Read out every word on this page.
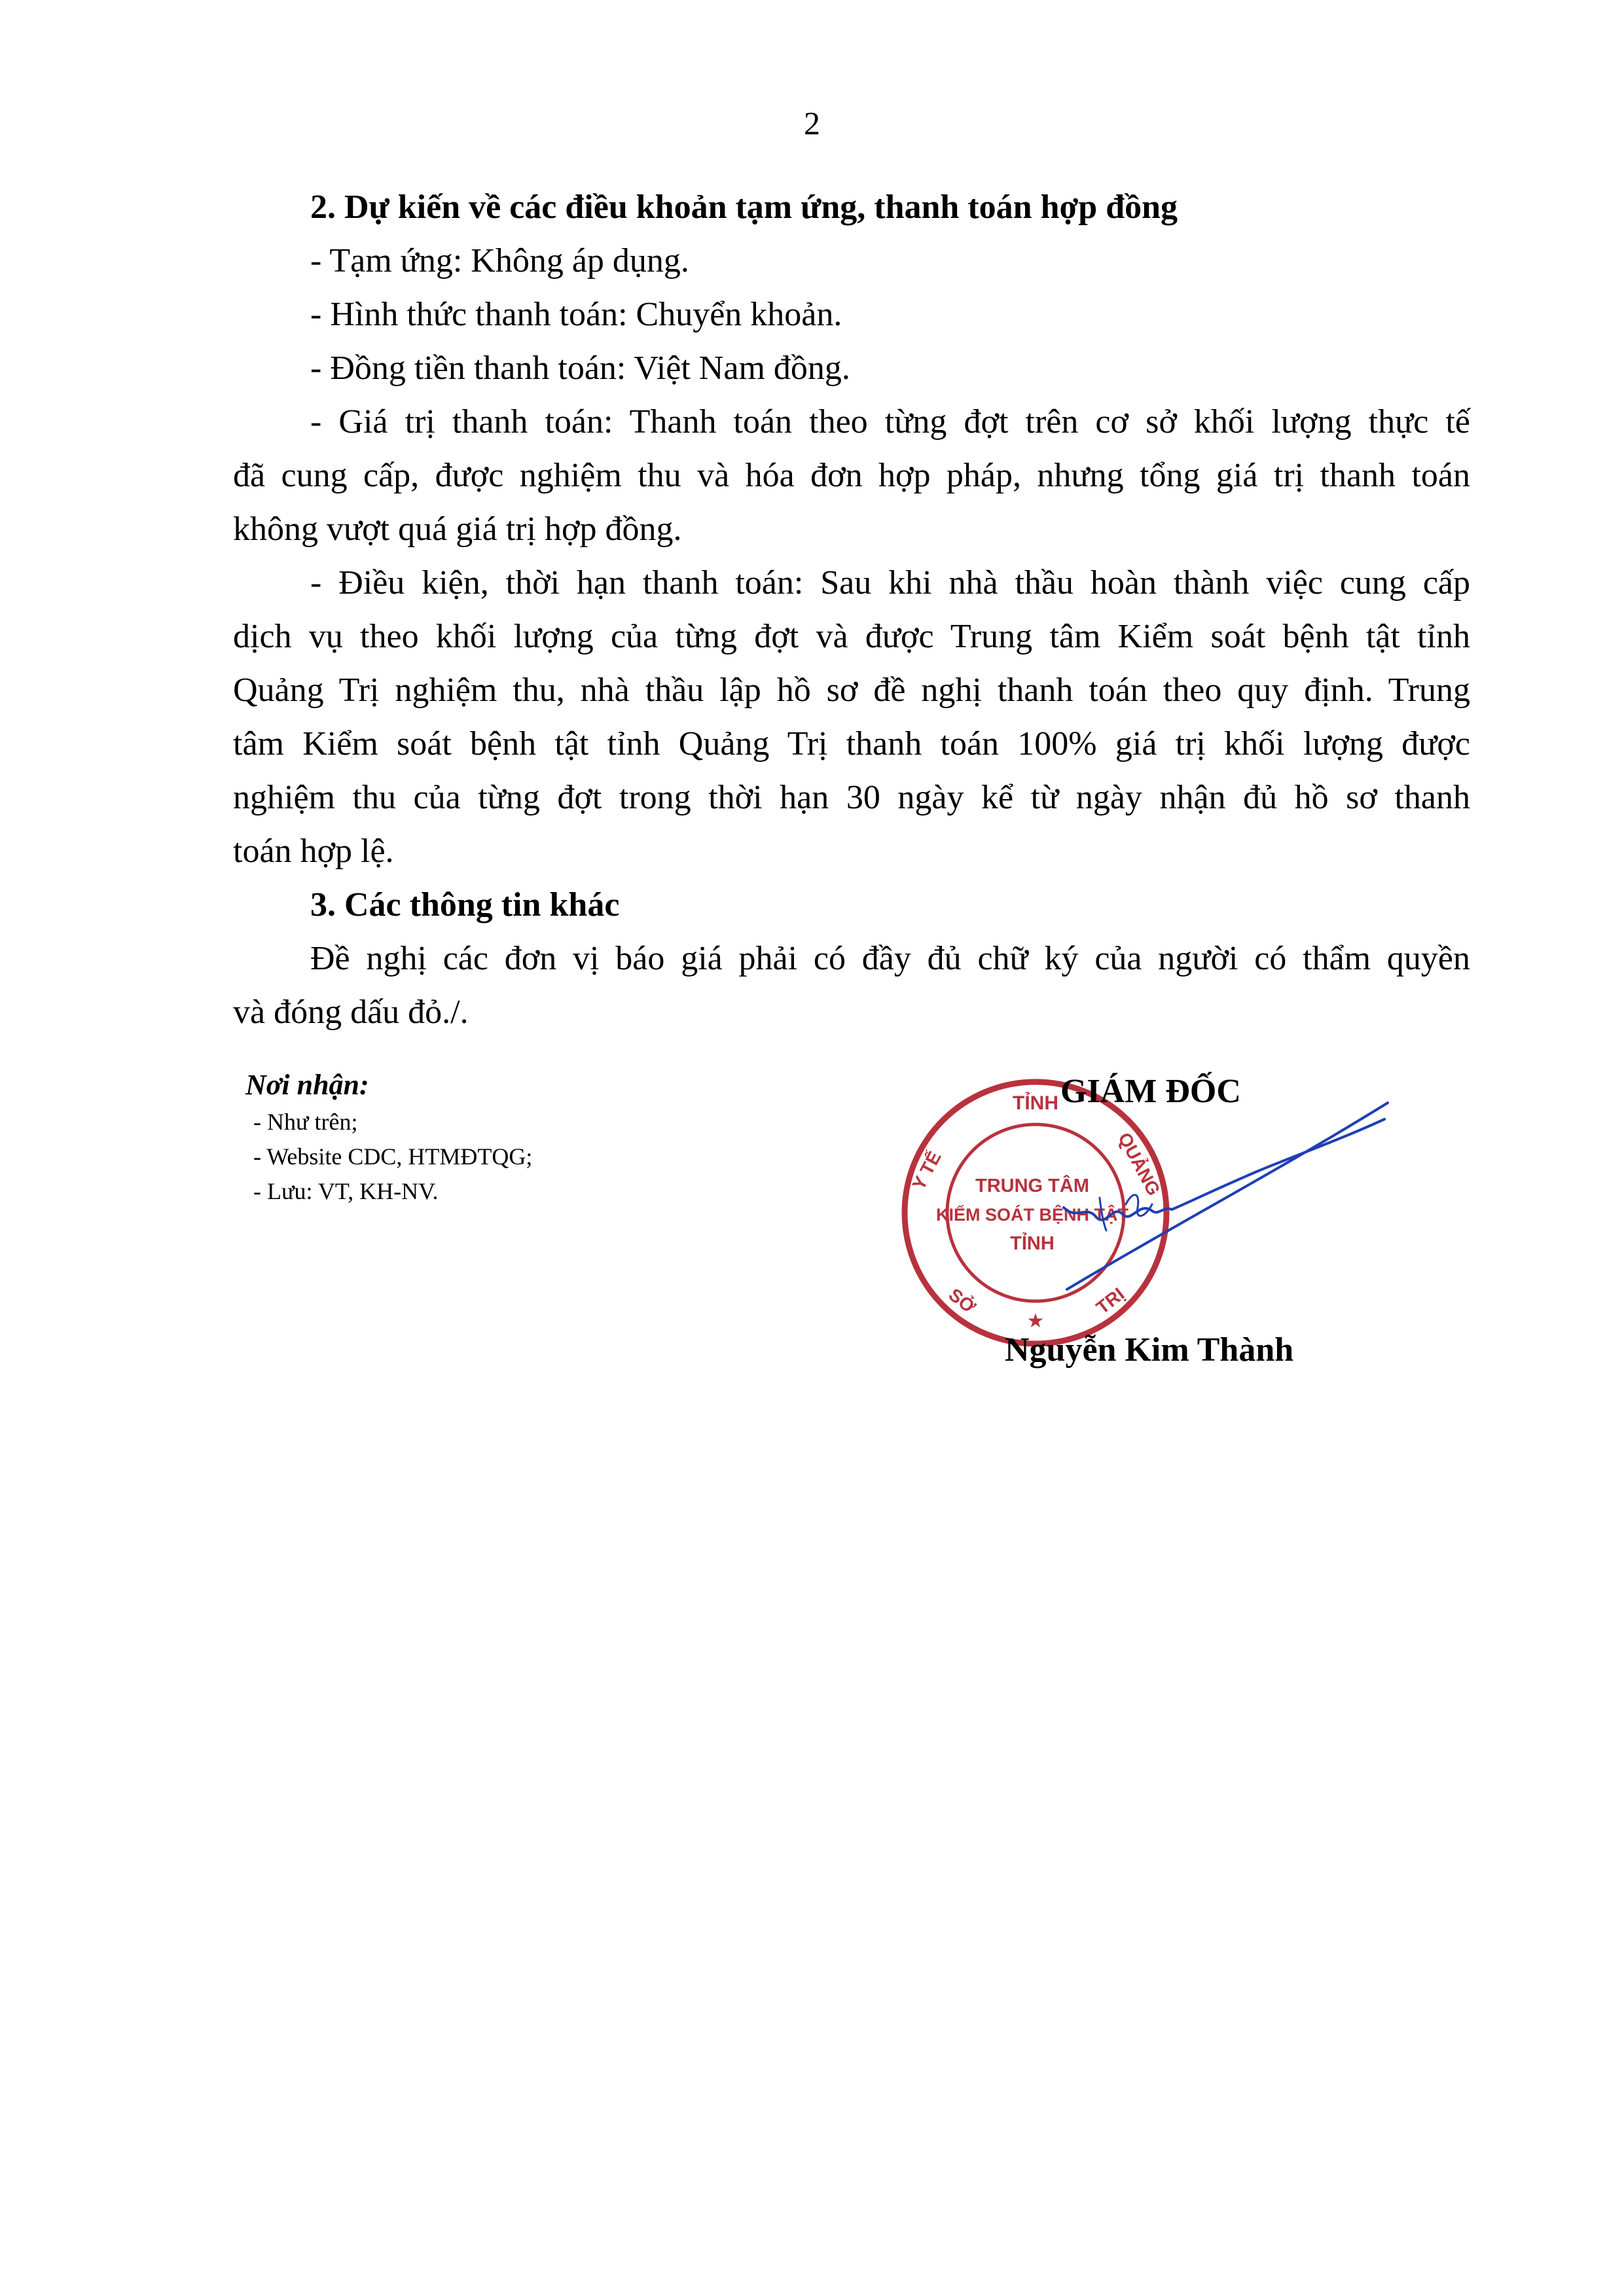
2
2. Dự kiến về các điều khoản tạm ứng, thanh toán hợp đồng
- Tạm ứng: Không áp dụng.
- Hình thức thanh toán: Chuyển khoản.
- Đồng tiền thanh toán: Việt Nam đồng.
- Giá trị thanh toán: Thanh toán theo từng đợt trên cơ sở khối lượng thực tế
đã cung cấp, được nghiệm thu và hóa đơn hợp pháp, nhưng tổng giá trị thanh toán
không vượt quá giá trị hợp đồng.
- Điều kiện, thời hạn thanh toán: Sau khi nhà thầu hoàn thành việc cung cấp
dịch vụ theo khối lượng của từng đợt và được Trung tâm Kiểm soát bệnh tật tỉnh
Quảng Trị nghiệm thu, nhà thầu lập hồ sơ đề nghị thanh toán theo quy định. Trung
tâm Kiểm soát bệnh tật tỉnh Quảng Trị thanh toán 100% giá trị khối lượng được
nghiệm thu của từng đợt trong thời hạn 30 ngày kể từ ngày nhận đủ hồ sơ thanh
toán hợp lệ.
3. Các thông tin khác
Đề nghị các đơn vị báo giá phải có đầy đủ chữ ký của người có thẩm quyền
và đóng dấu đỏ./.
Nơi nhận:
- Như trên;
- Website CDC, HTMĐTQG;
- Lưu: VT, KH-NV.
TỈNH
Y TẾ	QUẢNG
SỞ	TRỊ
★
TRUNG TÂM
KIỂM SOÁT BỆNH TẬT
TỈNH
GIÁM ĐỐC
Nguyễn Kim Thành
